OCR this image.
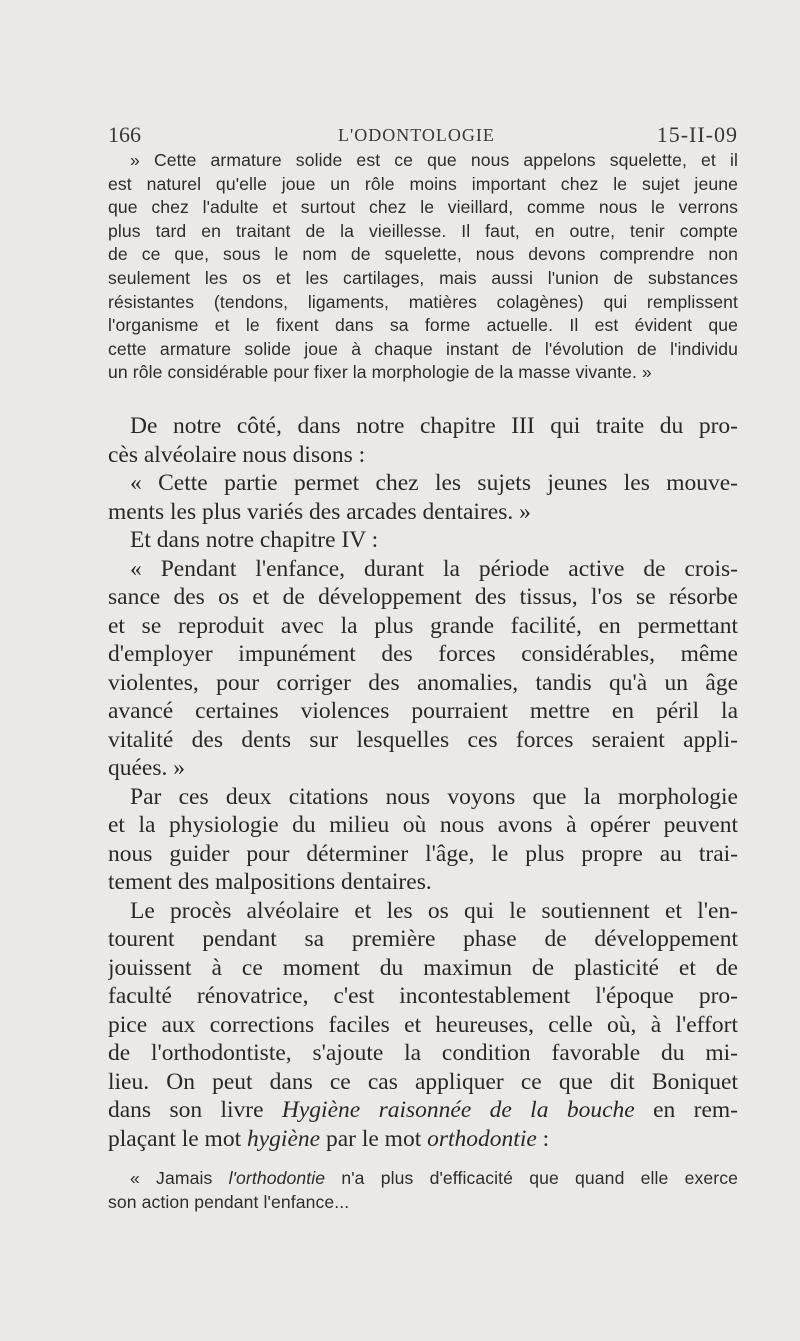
166	L'ODONTOLOGIE	15-II-09
» Cette armature solide est ce que nous appelons squelette, et il
est naturel qu'elle joue un rôle moins important chez le sujet jeune
que chez l'adulte et surtout chez le vieillard, comme nous le verrons
plus tard en traitant de la vieillesse. Il faut, en outre, tenir compte
de ce que, sous le nom de squelette, nous devons comprendre non
seulement les os et les cartilages, mais aussi l'union de substances
résistantes (tendons, ligaments, matières colagènes) qui remplissent
l'organisme et le fixent dans sa forme actuelle. Il est évident que
cette armature solide joue à chaque instant de l'évolution de l'individu
un rôle considérable pour fixer la morphologie de la masse vivante. »
De notre côté, dans notre chapitre III qui traite du pro-
cès alvéolaire nous disons :
« Cette partie permet chez les sujets jeunes les mouve-
ments les plus variés des arcades dentaires. »
Et dans notre chapitre IV :
« Pendant l'enfance, durant la période active de crois-
sance des os et de développement des tissus, l'os se résorbe
et se reproduit avec la plus grande facilité, en permettant
d'employer impunément des forces considérables, même
violentes, pour corriger des anomalies, tandis qu'à un âge
avancé certaines violences pourraient mettre en péril la
vitalité des dents sur lesquelles ces forces seraient appli-
quées. »
Par ces deux citations nous voyons que la morphologie
et la physiologie du milieu où nous avons à opérer peuvent
nous guider pour déterminer l'âge, le plus propre au trai-
tement des malpositions dentaires.
Le procès alvéolaire et les os qui le soutiennent et l'en-
tourent pendant sa première phase de développement
jouissent à ce moment du maximun de plasticité et de
faculté rénovatrice, c'est incontestablement l'époque pro-
pice aux corrections faciles et heureuses, celle où, à l'effort
de l'orthodontiste, s'ajoute la condition favorable du mi-
lieu. On peut dans ce cas appliquer ce que dit Boniquet
dans son livre Hygiène raisonnée de la bouche en rem-
plaçant le mot hygiène par le mot orthodontie :
« Jamais l'orthodontie n'a plus d'efficacité que quand elle exerce
son action pendant l'enfance...
